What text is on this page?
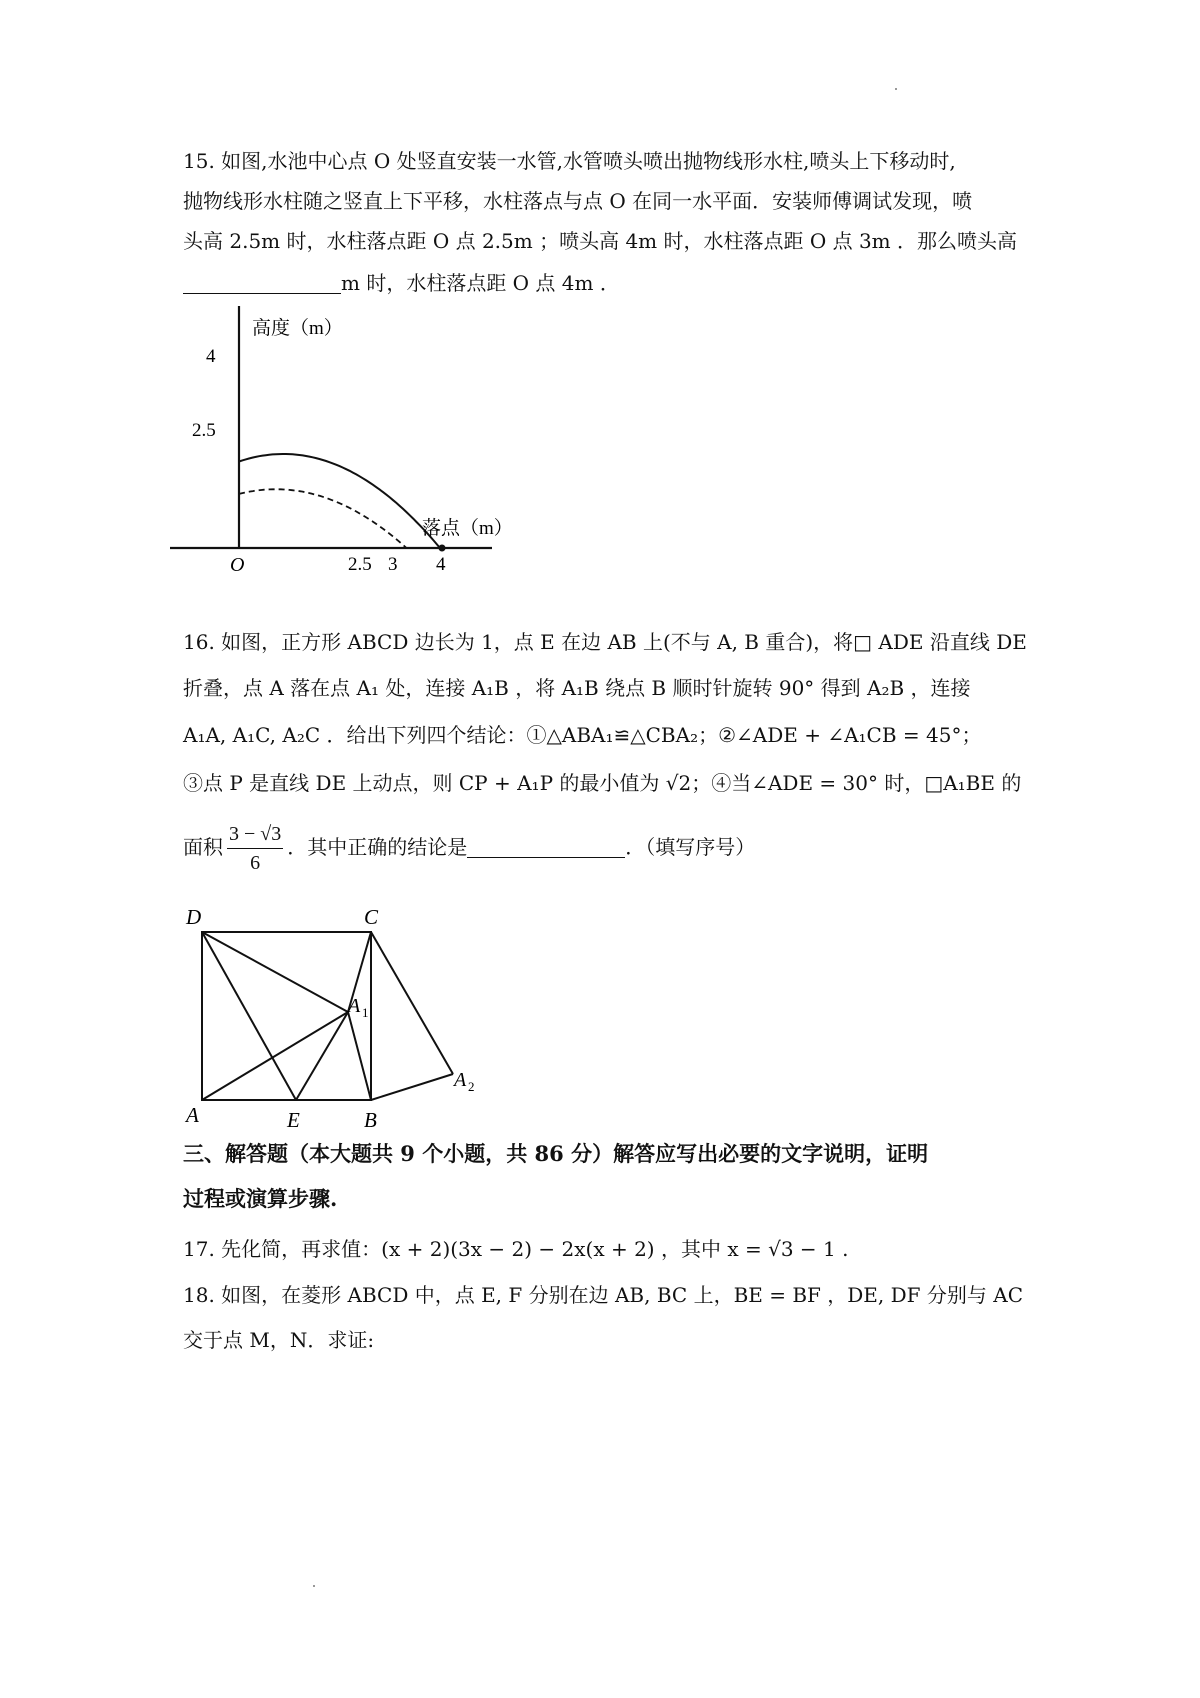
15. 如图,水池中心点 O 处竖直安装一水管,水管喷头喷出抛物线形水柱,喷头上下移动时,
抛物线形水柱随之竖直上下平移，水柱落点与点 O 在同一水平面．安装师傅调试发现，喷
头高 2.5m 时，水柱落点距 O 点 2.5m ；喷头高 4m 时，水柱落点距 O 点 3m ．那么喷头高
m 时，水柱落点距 O 点 4m ．
高度（m）
落点（m）
4
2.5
O	2.5 3 4
16. 如图，正方形 ABCD 边长为 1，点 E 在边 AB 上(不与 A, B 重合)，将□ ADE 沿直线 DE
折叠，点 A 落在点 A₁ 处，连接 A₁B ，将 A₁B 绕点 B 顺时针旋转 90° 得到 A₂B ，连接
A₁A, A₁C, A₂C ．给出下列四个结论：①△ABA₁≌△CBA₂；②∠ADE + ∠A₁CB = 45°；
③点 P 是直线 DE 上动点，则 CP + A₁P 的最小值为 √2；④当∠ADE = 30° 时，□A₁BE 的
面积 $\frac{3 - √3}{6}$ ．其中正确的结论是	．（填写序号）
D	C
A	E	B
A 1
A 2
三、解答题（本大题共 9 个小题，共 86 分）解答应写出必要的文字说明，证明
过程或演算步骤.
17. 先化简，再求值：(x + 2)(3x − 2) − 2x(x + 2) ，其中 x = √3 − 1 .
18. 如图，在菱形 ABCD 中，点 E, F 分别在边 AB, BC 上，BE = BF ，DE, DF 分别与 AC
交于点 M，N．求证:
